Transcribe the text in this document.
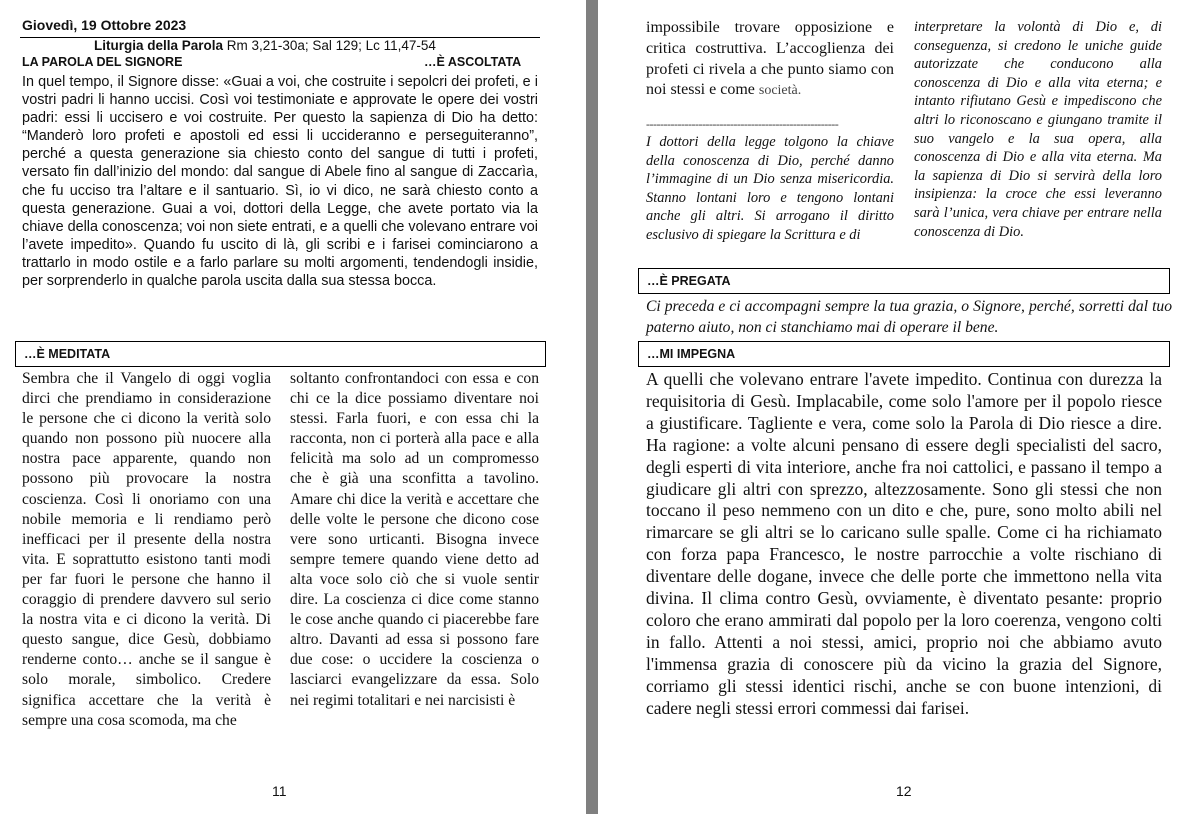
Giovedì, 19 Ottobre 2023
Liturgia della Parola Rm 3,21-30a; Sal 129; Lc 11,47-54
LA PAROLA DEL SIGNORE	…È ASCOLTATA
In quel tempo, il Signore disse: «Guai a voi, che costruite i sepolcri dei profeti, e i vostri padri li hanno uccisi. Così voi testimoniate e approvate le opere dei vostri padri: essi li uccisero e voi costruite. Per questo la sapienza di Dio ha detto: “Manderò loro profeti e apostoli ed essi li uccideranno e perseguiteranno”, perché a questa generazione sia chiesto conto del sangue di tutti i profeti, versato fin dall’inizio del mondo: dal sangue di Abele fino al sangue di Zaccarìa, che fu ucciso tra l’altare e il santuario. Sì, io vi dico, ne sarà chiesto conto a questa generazione. Guai a voi, dottori della Legge, che avete portato via la chiave della conoscenza; voi non siete entrati, e a quelli che volevano entrare voi l’avete impedito». Quando fu uscito di là, gli scribi e i farisei cominciarono a trattarlo in modo ostile e a farlo parlare su molti argomenti, tendendogli insidie, per sorprenderlo in qualche parola uscita dalla sua stessa bocca.
…È MEDITATA
Sembra che il Vangelo di oggi voglia dirci che prendiamo in considerazione le persone che ci dicono la verità solo quando non possono più nuocere alla nostra pace apparente, quando non possono più provocare la nostra coscienza. Così li onoriamo con una nobile memoria e li rendiamo però inefficaci per il presente della nostra vita. E soprattutto esistono tanti modi per far fuori le persone che hanno il coraggio di prendere davvero sul serio la nostra vita e ci dicono la verità. Di questo sangue, dice Gesù, dobbiamo renderne conto… anche se il sangue è solo morale, simbolico. Credere significa accettare che la verità è sempre una cosa scomoda, ma che
soltanto confrontandoci con essa e con chi ce la dice possiamo diventare noi stessi. Farla fuori, e con essa chi la racconta, non ci porterà alla pace e alla felicità ma solo ad un compromesso che è già una sconfitta a tavolino. Amare chi dice la verità e accettare che delle volte le persone che dicono cose vere sono urticanti. Bisogna invece sempre temere quando viene detto ad alta voce solo ciò che si vuole sentir dire. La coscienza ci dice come stanno le cose anche quando ci piacerebbe fare altro. Davanti ad essa si possono fare due cose: o uccidere la coscienza o lasciarci evangelizzare da essa. Solo nei regimi totalitari e nei narcisisti è
11
impossibile trovare opposizione e critica costruttiva. L’accoglienza dei profeti ci rivela a che punto siamo con noi stessi e come società.
-------------------------------------------------------
I dottori della legge tolgono la chiave della conoscenza di Dio, perché danno l’immagine di un Dio senza misericordia. Stanno lontani loro e tengono lontani anche gli altri. Si arrogano il diritto esclusivo di spiegare la Scrittura e di
interpretare la volontà di Dio e, di conseguenza, si credono le uniche guide autorizzate che conducono alla conoscenza di Dio e alla vita eterna; e intanto rifiutano Gesù e impediscono che altri lo riconoscano e giungano tramite il suo vangelo e la sua opera, alla conoscenza di Dio e alla vita eterna. Ma la sapienza di Dio si servirà della loro insipienza: la croce che essi leveranno sarà l’unica, vera chiave per entrare nella conoscenza di Dio.
…È PREGATA
Ci preceda e ci accompagni sempre la tua grazia, o Signore, perché, sorretti dal tuo paterno aiuto, non ci stanchiamo mai di operare il bene.
…MI IMPEGNA
A quelli che volevano entrare l'avete impedito. Continua con durezza la requisitoria di Gesù. Implacabile, come solo l'amore per il popolo riesce a giustificare. Tagliente e vera, come solo la Parola di Dio riesce a dire. Ha ragione: a volte alcuni pensano di essere degli specialisti del sacro, degli esperti di vita interiore, anche fra noi cattolici, e passano il tempo a giudicare gli altri con sprezzo, altezzosamente. Sono gli stessi che non toccano il peso nemmeno con un dito e che, pure, sono molto abili nel rimarcare se gli altri se lo caricano sulle spalle. Come ci ha richiamato con forza papa Francesco, le nostre parrocchie a volte rischiano di diventare delle dogane, invece che delle porte che immettono nella vita divina. Il clima contro Gesù, ovviamente, è diventato pesante: proprio coloro che erano ammirati dal popolo per la loro coerenza, vengono colti in fallo. Attenti a noi stessi, amici, proprio noi che abbiamo avuto l'immensa grazia di conoscere più da vicino la grazia del Signore, corriamo gli stessi identici rischi, anche se con buone intenzioni, di cadere negli stessi errori commessi dai farisei.
12
